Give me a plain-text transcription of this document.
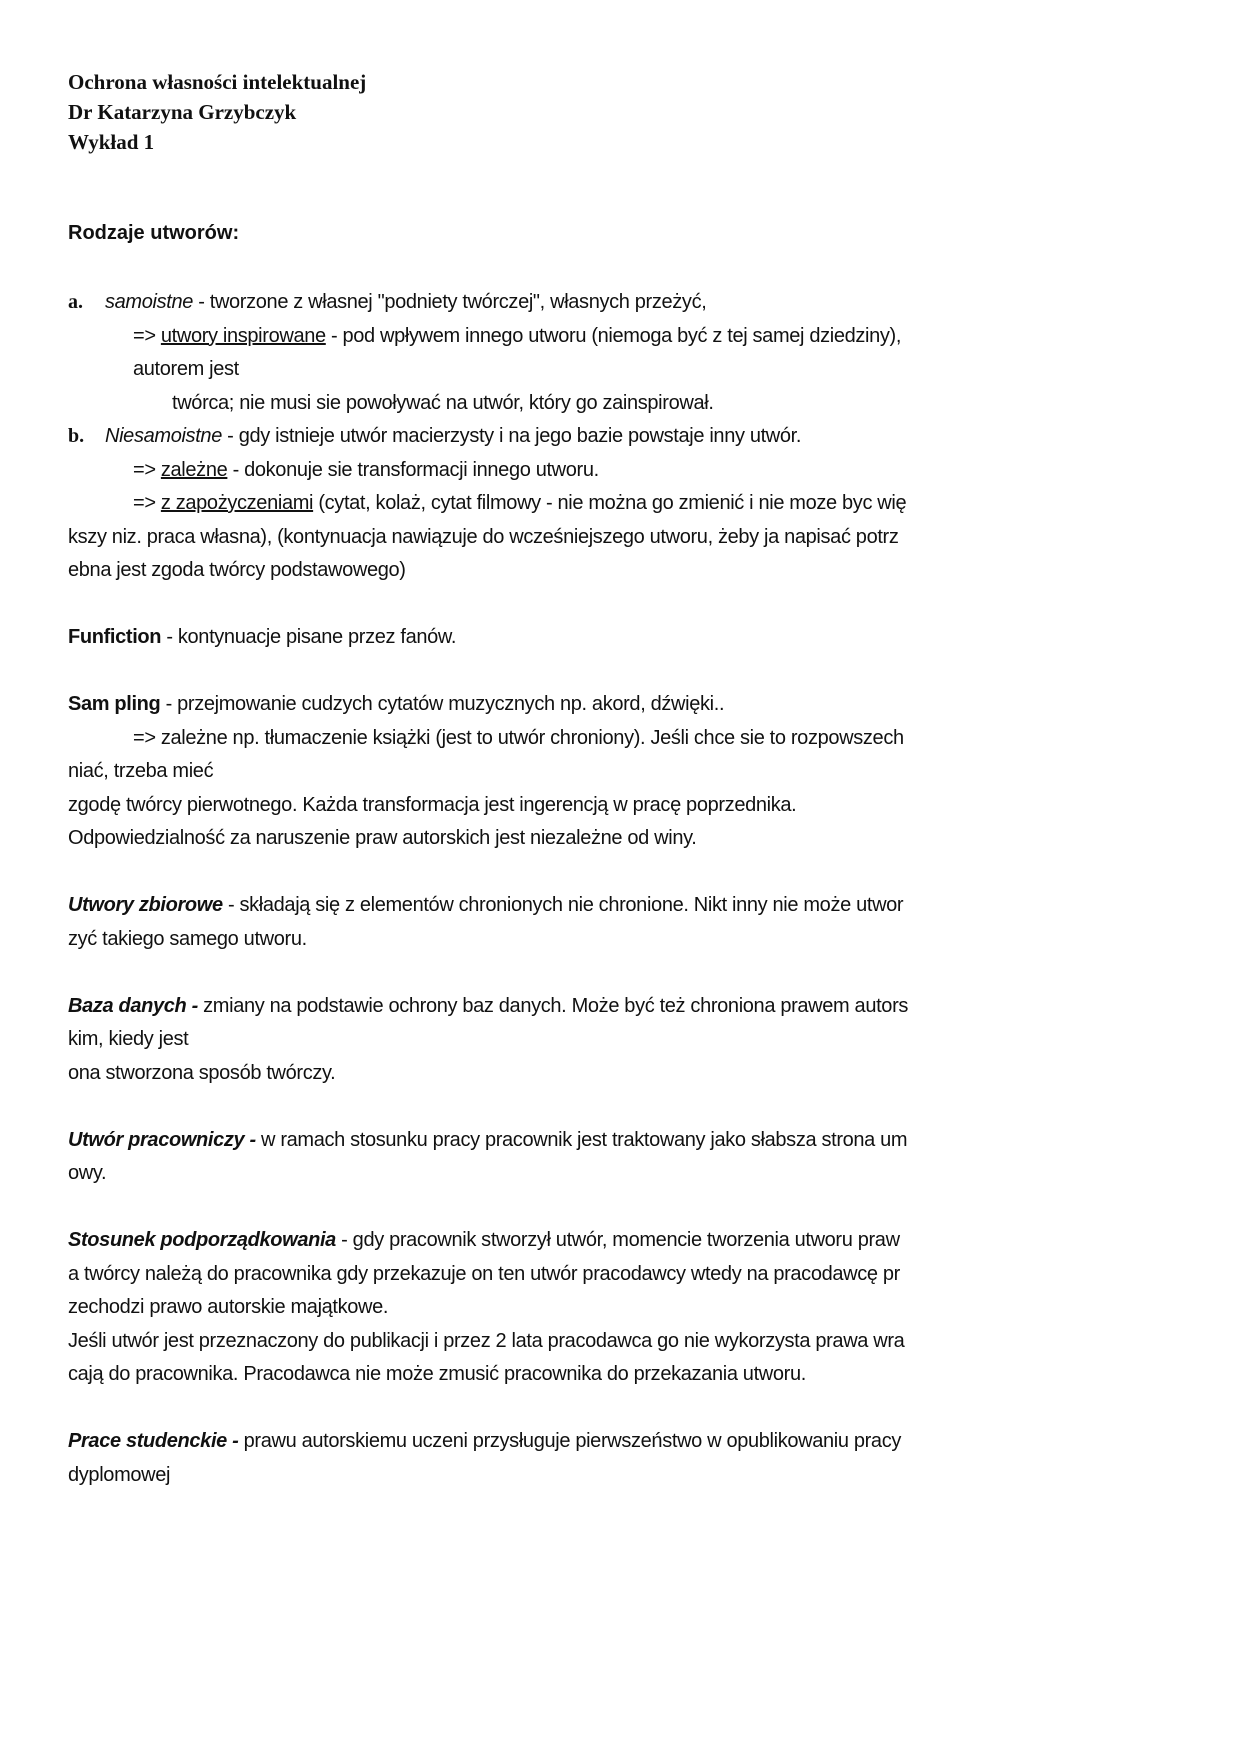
Ochrona własności intelektualnej
Dr Katarzyna Grzybczyk
Wykład 1
Rodzaje utworów:
a. samoistne - tworzone z własnej "podniety twórczej", własnych przeżyć,
=> utwory inspirowane - pod wpływem innego utworu (niemoga być z tej samej dziedziny),
autorem jest
twórca; nie musi sie powoływać na utwór, który go zainspirował.
b. Niesamoistne - gdy istnieje utwór macierzysty i na jego bazie powstaje inny utwór.
=> zależne - dokonuje sie transformacji innego utworu.
=> z zapożyczeniami (cytat, kolaż, cytat filmowy - nie można go zmienić i nie moze byc wię
kszy niz. praca własna), (kontynuacja nawiązuje do wcześniejszego utworu, żeby ja napisać potrz
ebna jest zgoda twórcy podstawowego)
Funfiction - kontynuacje pisane przez fanów.
Sam pling - przejmowanie cudzych cytatów muzycznych np. akord, dźwięki..
=> zależne np. tłumaczenie książki (jest to utwór chroniony). Jeśli chce sie to rozpowszech
niać, trzeba mieć
zgodę twórcy pierwotnego. Każda transformacja jest ingerencją w pracę poprzednika.
Odpowiedzialność za naruszenie praw autorskich jest niezależne od winy.
Utwory zbiorowe - składają się z elementów chronionych nie chronione. Nikt inny nie może utwor
zyć takiego samego utworu.
Baza danych - zmiany na podstawie ochrony baz danych. Może być też chroniona prawem autors
kim, kiedy jest
ona stworzona sposób twórczy.
Utwór pracowniczy - w ramach stosunku pracy pracownik jest traktowany jako słabsza strona um
owy.
Stosunek podporządkowania - gdy pracownik stworzył utwór, momencie tworzenia utworu praw
a twórcy należą do pracownika gdy przekazuje on ten utwór pracodawcy wtedy na pracodawcę pr
zechodzi prawo autorskie majątkowe.
Jeśli utwór jest przeznaczony do publikacji i przez 2 lata pracodawca go nie wykorzysta prawa wra
cają do pracownika. Pracodawca nie może zmusić pracownika do przekazania utworu.
Prace studenckie - prawu autorskiemu uczeni przysługuje pierwszeństwo w opublikowaniu pracy
dyplomowej
